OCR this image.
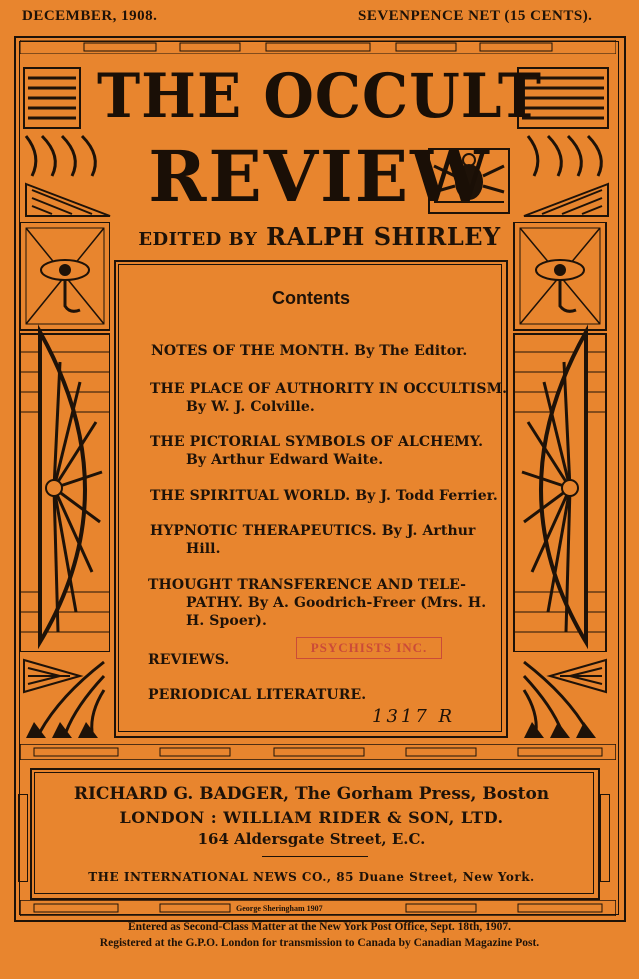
DECEMBER, 1908.	SEVENPENCE NET (15 CENTS).
THE OCCULT
REVIEW
EDITED BY RALPH SHIRLEY
Contents
NOTES OF THE MONTH. By The Editor.
THE PLACE OF AUTHORITY IN OCCULTISM.
By W. J. Colville.
THE PICTORIAL SYMBOLS OF ALCHEMY.
By Arthur Edward Waite.
THE SPIRITUAL WORLD. By J. Todd Ferrier.
HYPNOTIC THERAPEUTICS. By J. Arthur
Hill.
THOUGHT TRANSFERENCE AND TELE-
PATHY. By A. Goodrich-Freer (Mrs. H.
H. Spoer).
PSYCHISTS INC.
REVIEWS.
PERIODICAL LITERATURE.
1317 R
RICHARD G. BADGER, The Gorham Press, Boston
LONDON : WILLIAM RIDER & SON, LTD.
164 Aldersgate Street, E.C.
THE INTERNATIONAL NEWS CO., 85 Duane Street, New York.
George Sheringham 1907
Entered as Second-Class Matter at the New York Post Office, Sept. 18th, 1907.
Registered at the G.P.O. London for transmission to Canada by Canadian Magazine Post.
